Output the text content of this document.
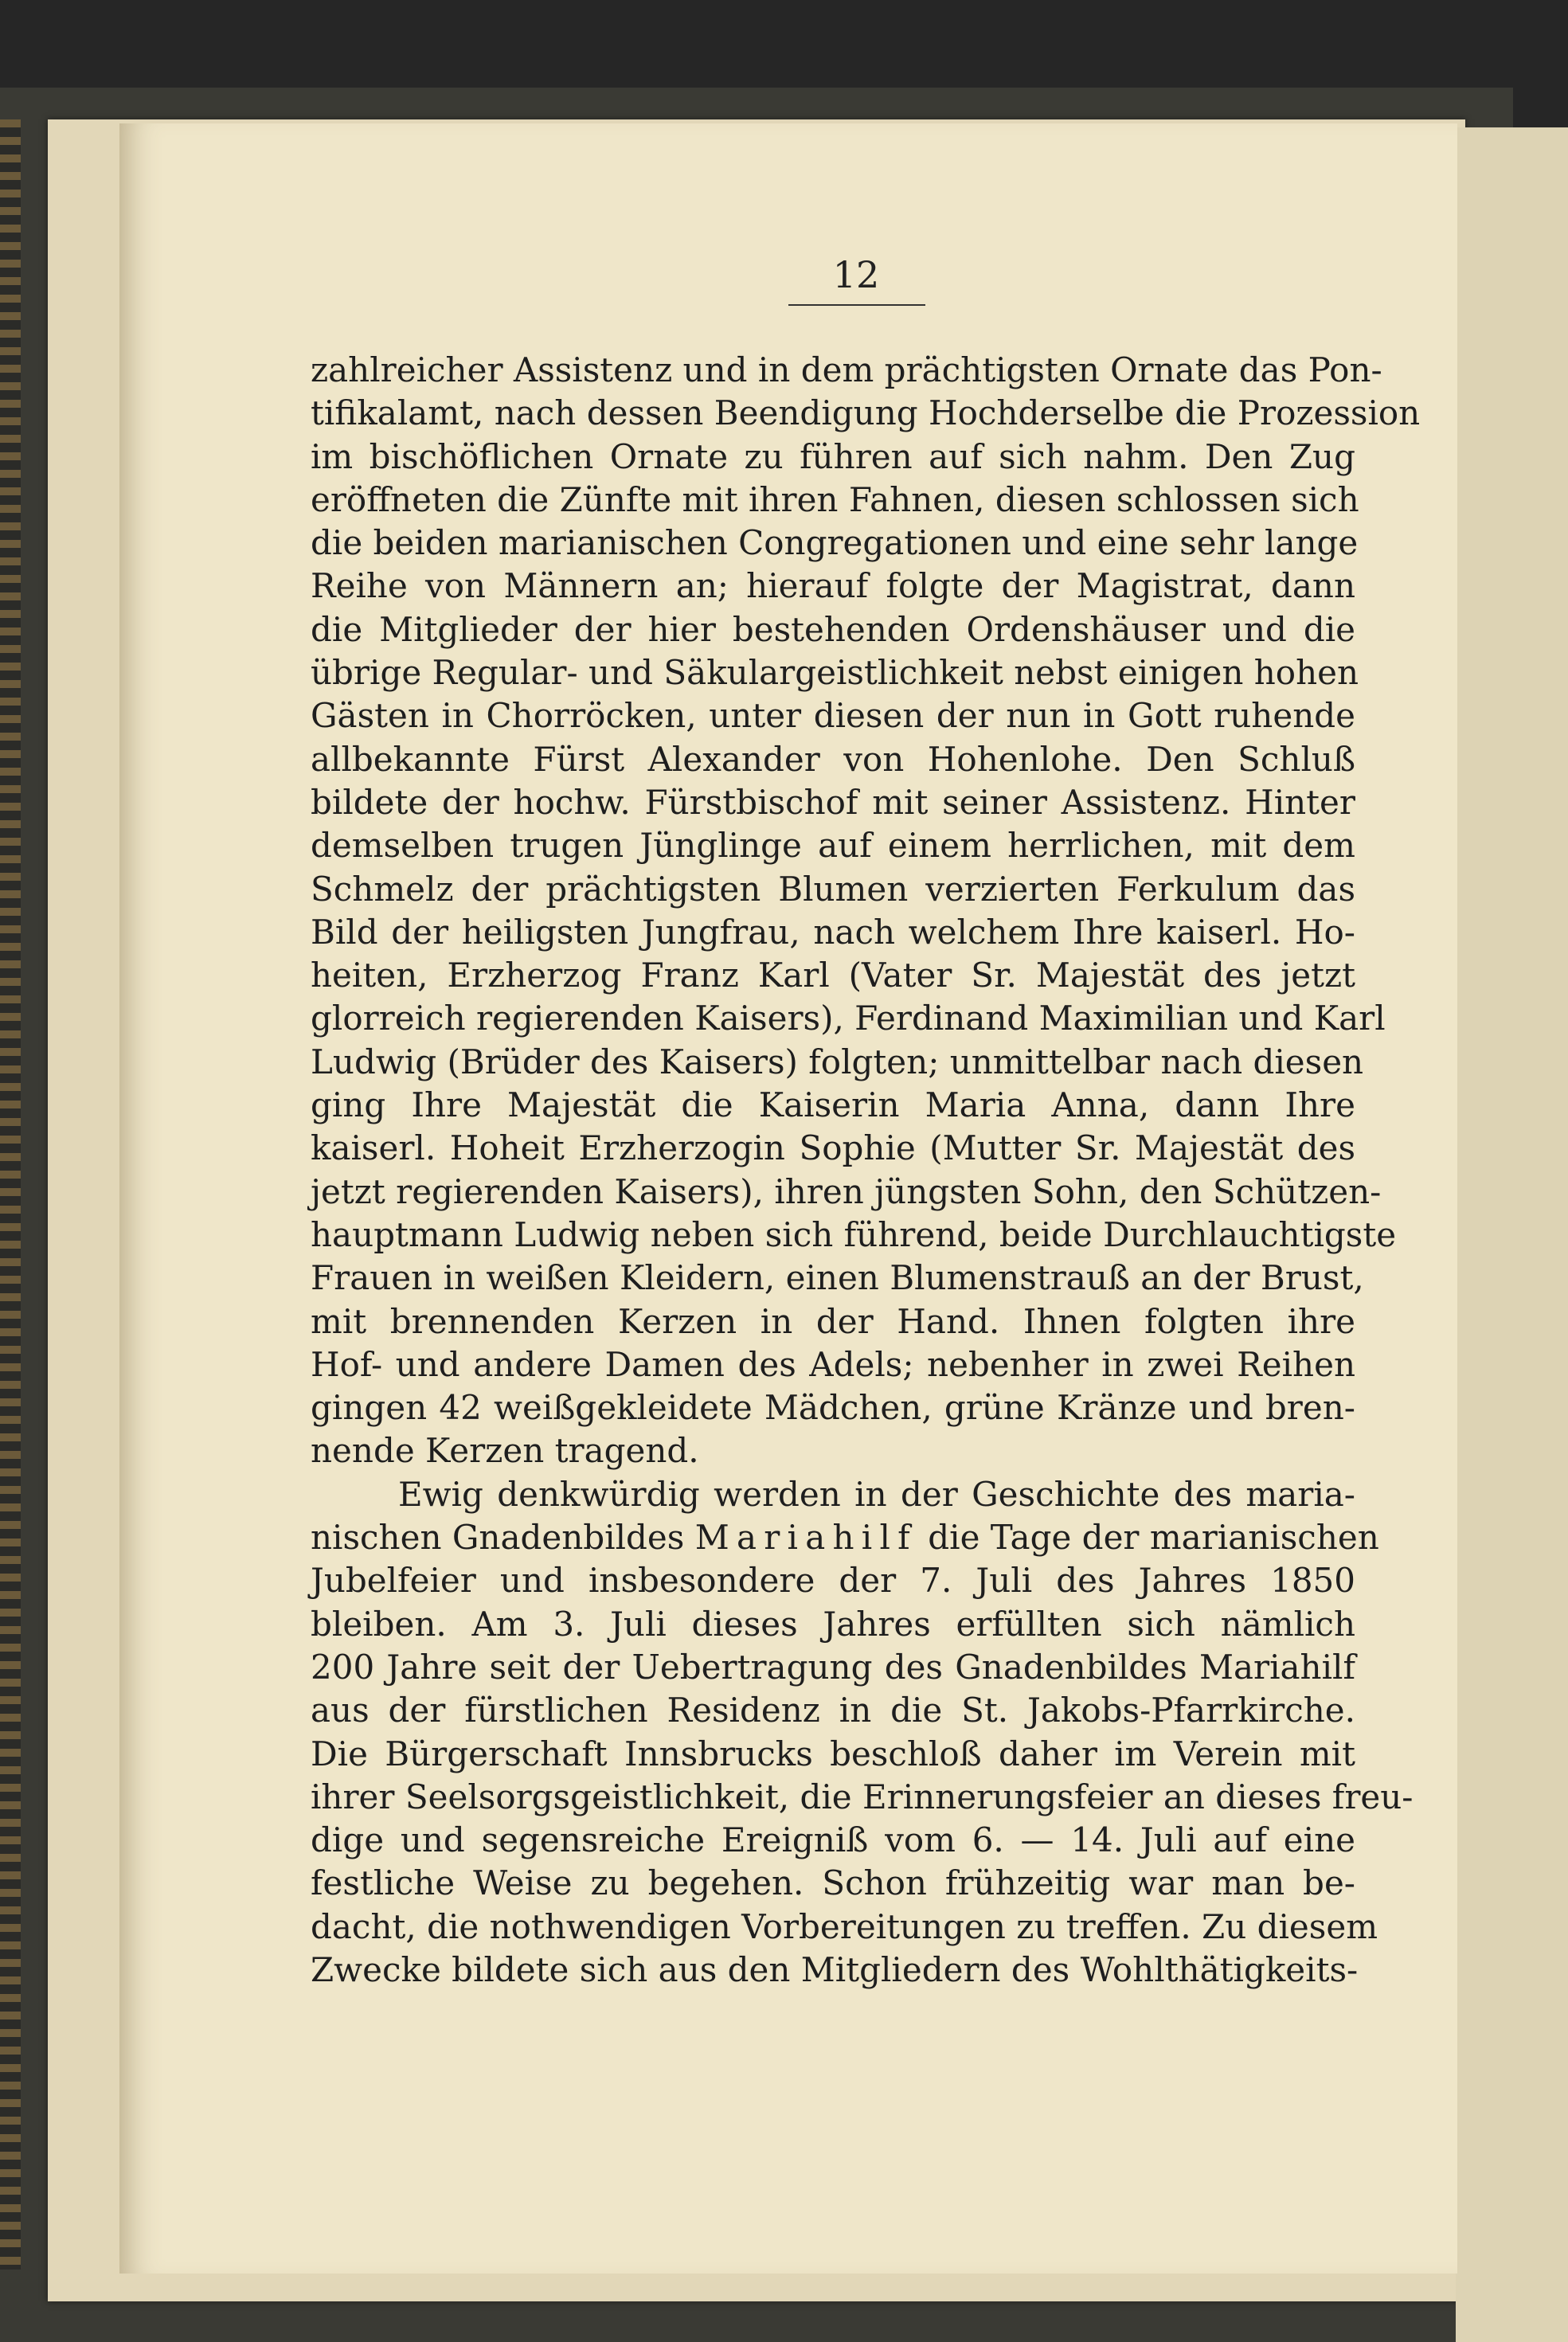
12
zahlreicher Assistenz und in dem prächtigsten Ornate das Pon-
tifikalamt, nach dessen Beendigung Hochderselbe die Prozession
im bischöflichen Ornate zu führen auf sich nahm. Den Zug
eröffneten die Zünfte mit ihren Fahnen, diesen schlossen sich
die beiden marianischen Congregationen und eine sehr lange
Reihe von Männern an; hierauf folgte der Magistrat, dann
die Mitglieder der hier bestehenden Ordenshäuser und die
übrige Regular- und Säkulargeistlichkeit nebst einigen hohen
Gästen in Chorröcken, unter diesen der nun in Gott ruhende
allbekannte Fürst Alexander von Hohenlohe. Den Schluß
bildete der hochw. Fürstbischof mit seiner Assistenz. Hinter
demselben trugen Jünglinge auf einem herrlichen, mit dem
Schmelz der prächtigsten Blumen verzierten Ferkulum das
Bild der heiligsten Jungfrau, nach welchem Ihre kaiserl. Ho-
heiten, Erzherzog Franz Karl (Vater Sr. Majestät des jetzt
glorreich regierenden Kaisers), Ferdinand Maximilian und Karl
Ludwig (Brüder des Kaisers) folgten; unmittelbar nach diesen
ging Ihre Majestät die Kaiserin Maria Anna, dann Ihre
kaiserl. Hoheit Erzherzogin Sophie (Mutter Sr. Majestät des
jetzt regierenden Kaisers), ihren jüngsten Sohn, den Schützen-
hauptmann Ludwig neben sich führend, beide Durchlauchtigste
Frauen in weißen Kleidern, einen Blumenstrauß an der Brust,
mit brennenden Kerzen in der Hand. Ihnen folgten ihre
Hof- und andere Damen des Adels; nebenher in zwei Reihen
gingen 42 weißgekleidete Mädchen, grüne Kränze und bren-
nende Kerzen tragend.
Ewig denkwürdig werden in der Geschichte des maria-
nischen Gnadenbildes Mariahilf die Tage der marianischen
Jubelfeier und insbesondere der 7. Juli des Jahres 1850
bleiben. Am 3. Juli dieses Jahres erfüllten sich nämlich
200 Jahre seit der Uebertragung des Gnadenbildes Mariahilf
aus der fürstlichen Residenz in die St. Jakobs-Pfarrkirche.
Die Bürgerschaft Innsbrucks beschloß daher im Verein mit
ihrer Seelsorgsgeistlichkeit, die Erinnerungsfeier an dieses freu-
dige und segensreiche Ereigniß vom 6. — 14. Juli auf eine
festliche Weise zu begehen. Schon frühzeitig war man be-
dacht, die nothwendigen Vorbereitungen zu treffen. Zu diesem
Zwecke bildete sich aus den Mitgliedern des Wohlthätigkeits-
